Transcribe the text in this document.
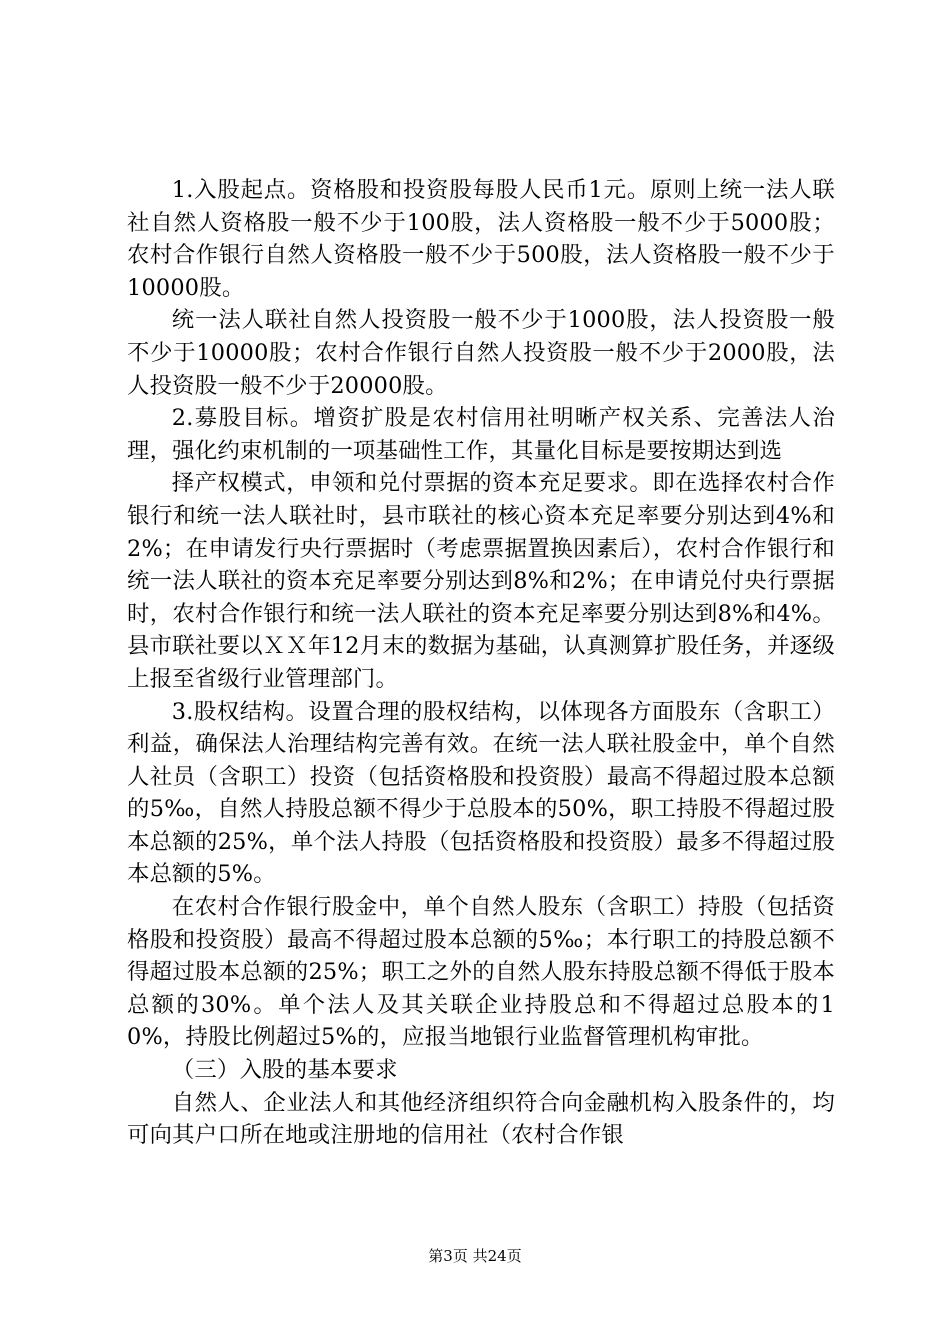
1.入股起点。资格股和投资股每股人民币1元。原则上统一法人联社自然人资格股一般不少于100股，法人资格股一般不少于5000股；农村合作银行自然人资格股一般不少于500股，法人资格股一般不少于10000股。

统一法人联社自然人投资股一般不少于1000股，法人投资股一般不少于10000股；农村合作银行自然人投资股一般不少于2000股，法人投资股一般不少于20000股。

2.募股目标。增资扩股是农村信用社明晰产权关系、完善法人治理，强化约束机制的一项基础性工作，其量化目标是要按期达到选

择产权模式，申领和兑付票据的资本充足要求。即在选择农村合作银行和统一法人联社时，县市联社的核心资本充足率要分别达到4%和2%；在申请发行央行票据时（考虑票据置换因素后），农村合作银行和统一法人联社的资本充足率要分别达到8%和2%；在申请兑付央行票据时，农村合作银行和统一法人联社的资本充足率要分别达到8%和4%。县市联社要以ＸＸ年12月末的数据为基础，认真测算扩股任务，并逐级上报至省级行业管理部门。

3.股权结构。设置合理的股权结构，以体现各方面股东（含职工）利益，确保法人治理结构完善有效。在统一法人联社股金中，单个自然人社员（含职工）投资（包括资格股和投资股）最高不得超过股本总额的5‰，自然人持股总额不得少于总股本的50%，职工持股不得超过股本总额的25%，单个法人持股（包括资格股和投资股）最多不得超过股本总额的5%。

在农村合作银行股金中，单个自然人股东（含职工）持股（包括资格股和投资股）最高不得超过股本总额的5‰；本行职工的持股总额不得超过股本总额的25%；职工之外的自然人股东持股总额不得低于股本总额的30%。单个法人及其关联企业持股总和不得超过总股本的10%，持股比例超过5%的，应报当地银行业监督管理机构审批。

（三）入股的基本要求

自然人、企业法人和其他经济组织符合向金融机构入股条件的，均可向其户口所在地或注册地的信用社（农村合作银

第3页 共24页
